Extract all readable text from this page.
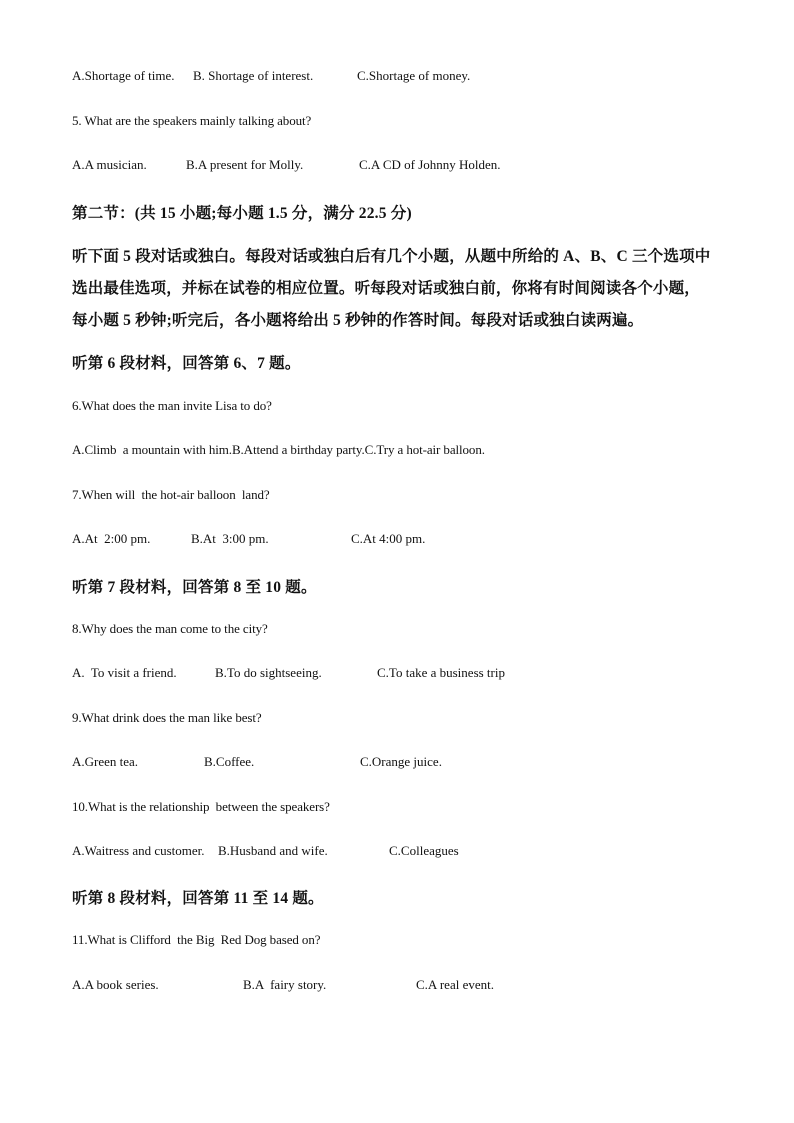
A.Shortage of time. B. Shortage of interest.	C.Shortage of money.
5. What are the speakers mainly talking about?
A.A musician.	B.A present for Molly.	C.A CD of Johnny Holden.
第二节：(共 15 小题;每小题 1.5 分，满分 22.5 分)
听下面 5 段对话或独白。每段对话或独白后有几个小题，从题中所给的 A、B、C 三个选项中
选出最佳选项，并标在试卷的相应位置。听每段对话或独白前，你将有时间阅读各个小题，
每小题 5 秒钟;听完后，各小题将给出 5 秒钟的作答时间。每段对话或独白读两遍。
听第 6 段材料，回答第 6、7 题。
6.What does the man invite Lisa to do?
A.Climb  a mountain with him.B.Attend a birthday party.C.Try a hot-air balloon.
7.When will  the hot-air balloon  land?
A.At  2:00 pm.	B.At  3:00 pm.	C.At 4:00 pm.
听第 7 段材料，回答第 8 至 10 题。
8.Why does the man come to the city?
A.  To visit a friend.	B.To do sightseeing.	C.To take a business trip
9.What drink does the man like best?
A.Green tea.	B.Coffee.	C.Orange juice.
10.What is the relationship  between the speakers?
A.Waitress and customer. B.Husband and wife.	C.Colleagues
听第 8 段材料，回答第 11 至 14 题。
11.What is Clifford  the Big  Red Dog based on?
A.A book series.	B.A  fairy story.	C.A real event.
